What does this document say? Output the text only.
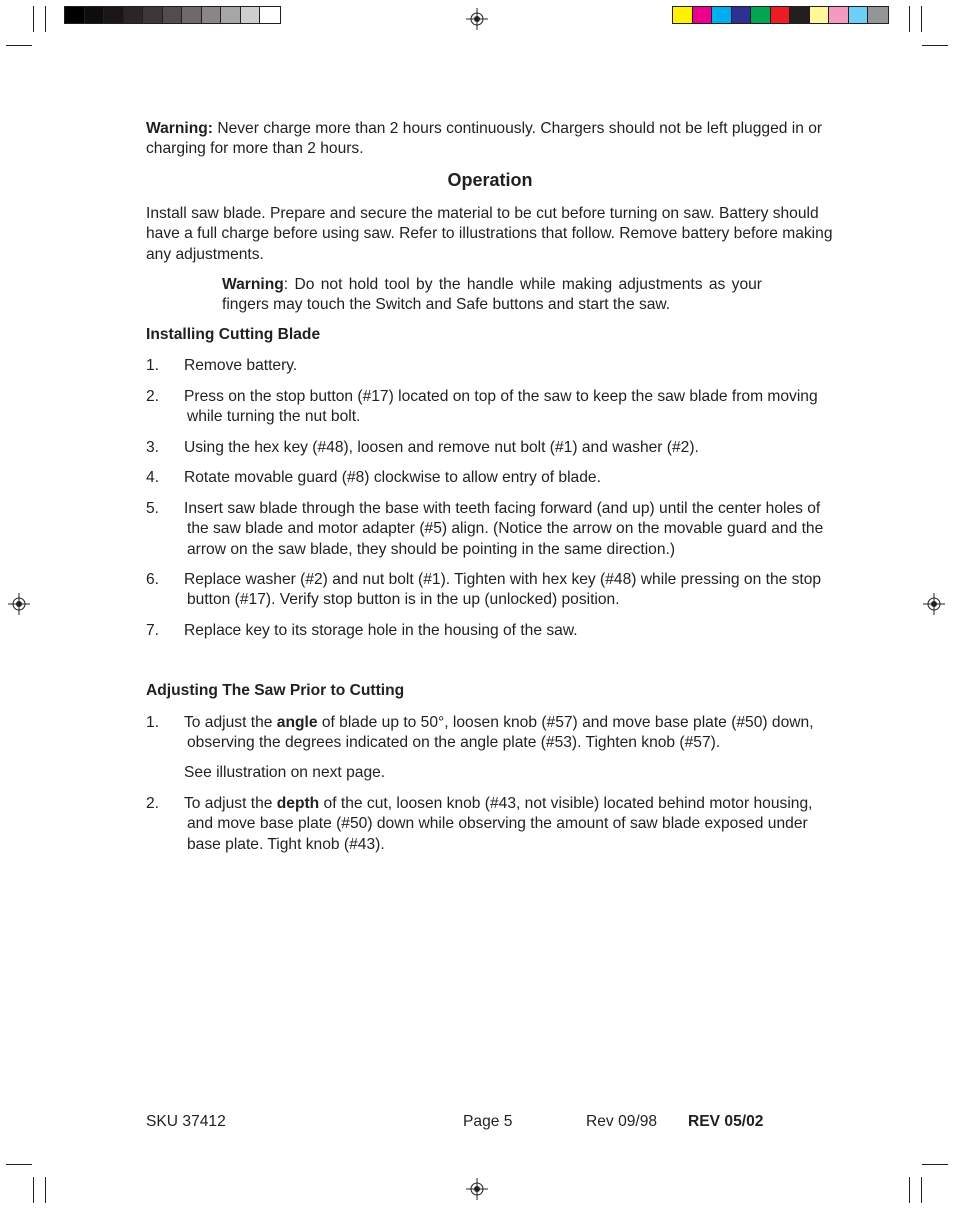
Warning: Never charge more than 2 hours continuously. Chargers should not be left plugged in or charging for more than 2 hours.
Operation
Install saw blade. Prepare and secure the material to be cut before turning on saw. Battery should have a full charge before using saw. Refer to illustrations that follow. Remove battery before making any adjustments.
Warning: Do not hold tool by the handle while making adjustments as your fingers may touch the Switch and Safe buttons and start the saw.
Installing Cutting Blade
1.	Remove battery.
2.	Press on the stop button (#17) located on top of the saw to keep the saw blade from moving while turning the nut bolt.
3.	Using the hex key (#48), loosen and remove nut bolt (#1) and washer (#2).
4.	Rotate movable guard (#8) clockwise to allow entry of blade.
5.	Insert saw blade through the base with teeth facing forward (and up) until the center holes of the saw blade and motor adapter (#5) align. (Notice the arrow on the movable guard and the arrow on the saw blade, they should be pointing in the same direction.)
6.	Replace washer (#2) and nut bolt (#1). Tighten with hex key (#48) while pressing on the stop button (#17). Verify stop button is in the up (unlocked) position.
7.	Replace key to its storage hole in the housing of the saw.
Adjusting The Saw Prior to Cutting
1.	To adjust the angle of blade up to 50°, loosen knob (#57) and move base plate (#50) down, observing the degrees indicated on the angle plate (#53). Tighten knob (#57).
See illustration on next page.
2.	To adjust the depth of the cut, loosen knob (#43, not visible) located behind motor housing, and move base plate (#50) down while observing the amount of saw blade exposed under base plate. Tight knob (#43).
SKU 37412	Page 5	Rev 09/98 REV 05/02
